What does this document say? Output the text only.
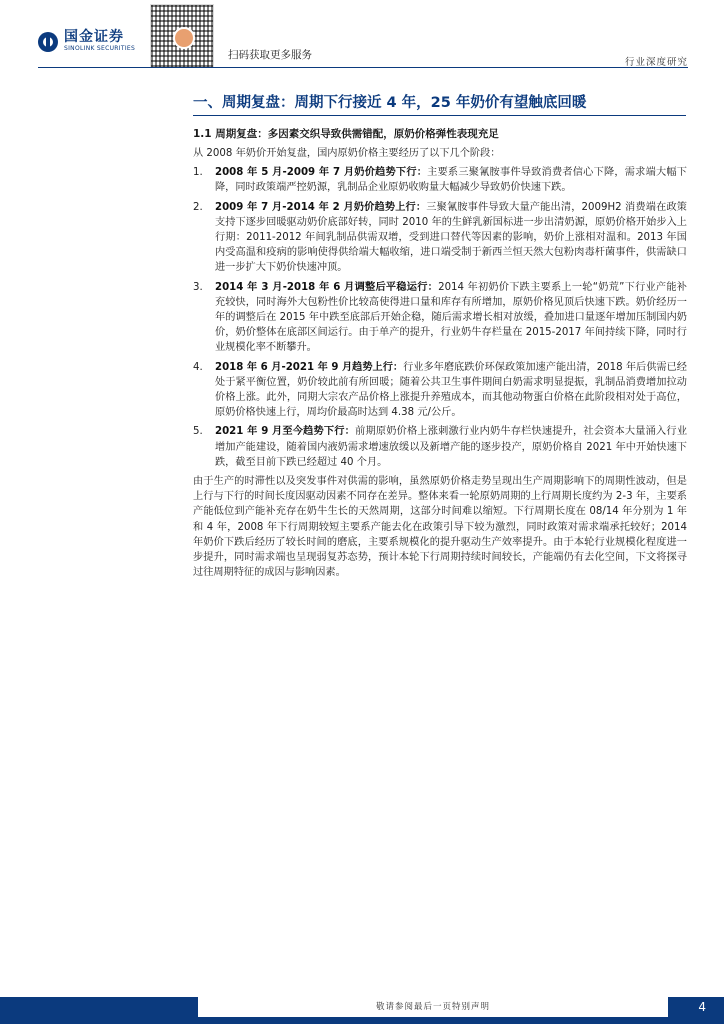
国金证券
SINOLINK SECURITIES
扫码获取更多服务
行业深度研究
一、周期复盘：周期下行接近 4 年，25 年奶价有望触底回暖
1.1 周期复盘：多因素交织导致供需错配，原奶价格弹性表现充足

从 2008 年奶价开始复盘，国内原奶价格主要经历了以下几个阶段：

1.	2008 年 5 月-2009 年 7 月奶价趋势下行：主要系三聚氰胺事件导致消费者信心下降，需求端大幅下降，同时政策端严控奶源，乳制品企业原奶收购量大幅减少导致奶价快速下跌。
2.	2009 年 7 月-2014 年 2 月奶价趋势上行：三聚氰胺事件导致大量产能出清，2009H2 消费端在政策支持下逐步回暖驱动奶价底部好转，同时 2010 年的生鲜乳新国标进一步出清奶源，原奶价格开始步入上行期：2011-2012 年间乳制品供需双增，受到进口替代等因素的影响，奶价上涨相对温和。2013 年国内受高温和疫病的影响使得供给端大幅收缩，进口端受制于新西兰恒天然大包粉肉毒杆菌事件，供需缺口进一步扩大下奶价快速冲顶。
3.	2014 年 3 月-2018 年 6 月调整后平稳运行：2014 年初奶价下跌主要系上一轮“奶荒”下行业产能补充较快，同时海外大包粉性价比较高使得进口量和库存有所增加，原奶价格见顶后快速下跌。奶价经历一年的调整后在 2015 年中跌至底部后开始企稳，随后需求增长相对放缓，叠加进口量逐年增加压制国内奶价，奶价整体在底部区间运行。由于单产的提升，行业奶牛存栏量在 2015-2017 年间持续下降，同时行业规模化率不断攀升。
4.	2018 年 6 月-2021 年 9 月趋势上行：行业多年磨底跌价环保政策加速产能出清，2018 年后供需已经处于紧平衡位置，奶价较此前有所回暖；随着公共卫生事件期间白奶需求明显提振，乳制品消费增加拉动价格上涨。此外，同期大宗农产品价格上涨提升养殖成本，而其他动物蛋白价格在此阶段相对处于高位，原奶价格快速上行，周均价最高时达到 4.38 元/公斤。
5.	2021 年 9 月至今趋势下行：前期原奶价格上涨刺激行业内奶牛存栏快速提升，社会资本大量涌入行业增加产能建设，随着国内液奶需求增速放缓以及新增产能的逐步投产，原奶价格自 2021 年中开始快速下跌，截至目前下跌已经超过 40 个月。

由于生产的时滞性以及突发事件对供需的影响，虽然原奶价格走势呈现出生产周期影响下的周期性波动，但是上行与下行的时间长度因驱动因素不同存在差异。整体来看一轮原奶周期的上行周期长度约为 2-3 年，主要系产能低位到产能补充存在奶牛生长的天然周期，这部分时间难以缩短。下行周期长度在 08/14 年分别为 1 年和 4 年，2008 年下行周期较短主要系产能去化在政策引导下较为激烈，同时政策对需求端承托较好；2014 年奶价下跌后经历了较长时间的磨底，主要系规模化的提升驱动生产效率提升。由于本轮行业规模化程度进一步提升，同时需求端也呈现弱复苏态势，预计本轮下行周期持续时间较长，产能端仍有去化空间，下文将探寻过往周期特征的成因与影响因素。

敬请参阅最后一页特别声明	4
